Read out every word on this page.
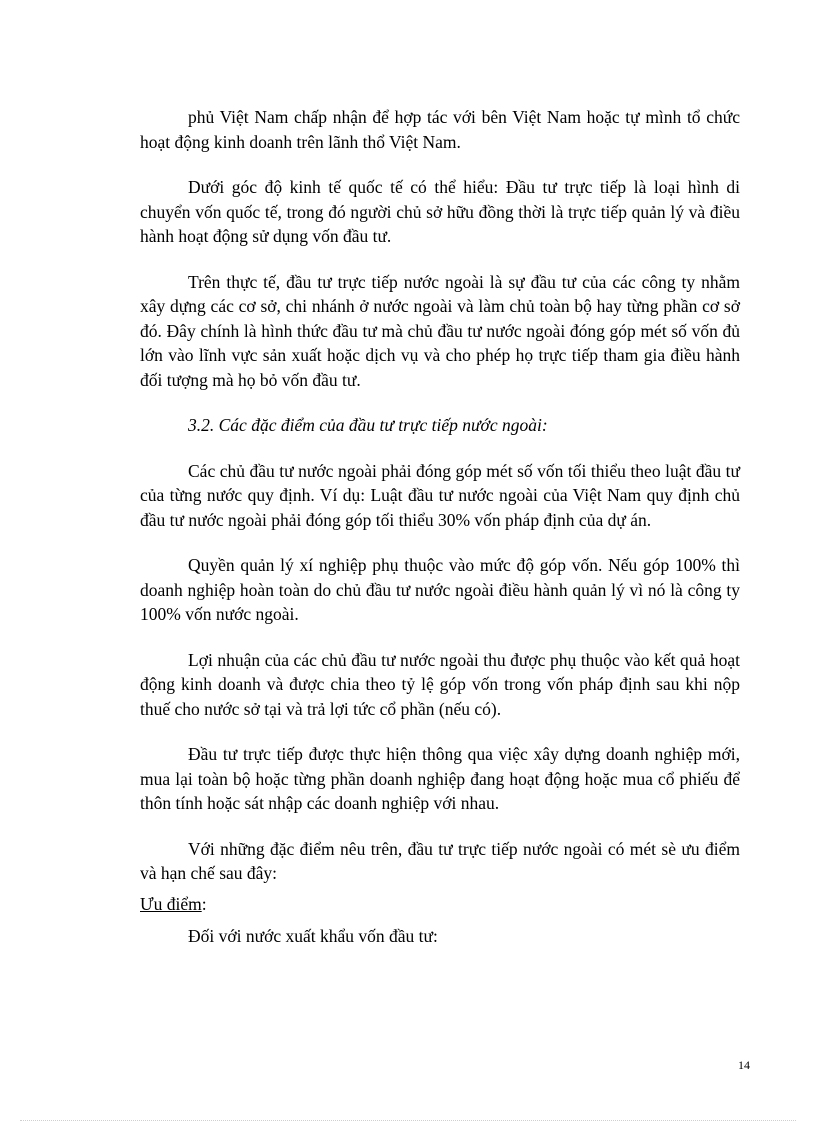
phủ Việt Nam chấp nhận để hợp tác với bên Việt Nam hoặc tự mình tổ chức hoạt động kinh doanh trên lãnh thổ Việt Nam.

Dưới góc độ kinh tế quốc tế có thể hiểu: Đầu tư trực tiếp là loại hình di chuyển vốn quốc tế, trong đó người chủ sở hữu đồng thời là trực tiếp quản lý và điều hành hoạt động sử dụng vốn đầu tư.

Trên thực tế, đầu tư trực tiếp nước ngoài là sự đầu tư của các công ty nhằm xây dựng các cơ sở, chi nhánh ở nước ngoài và làm chủ toàn bộ hay từng phần cơ sở đó. Đây chính là hình thức đầu tư mà chủ đầu tư nước ngoài đóng góp mét số vốn đủ lớn vào lĩnh vực sản xuất hoặc dịch vụ và cho phép họ trực tiếp tham gia điều hành đối tượng mà họ bỏ vốn đầu tư.

3.2. Các đặc điểm của đầu tư trực tiếp nước ngoài:

Các chủ đầu tư nước ngoài phải đóng góp mét số vốn tối thiểu theo luật đầu tư của từng nước quy định. Ví dụ: Luật đầu tư nước ngoài của Việt Nam quy định chủ đầu tư nước ngoài phải đóng góp tối thiểu 30% vốn pháp định của dự án.

Quyền quản lý xí nghiệp phụ thuộc vào mức độ góp vốn. Nếu góp 100% thì doanh nghiệp hoàn toàn do chủ đầu tư nước ngoài điều hành quản lý vì nó là công ty 100% vốn nước ngoài.

Lợi nhuận của các chủ đầu tư nước ngoài thu được phụ thuộc vào kết quả hoạt động kinh doanh và được chia theo tỷ lệ góp vốn trong vốn pháp định sau khi nộp thuế cho nước sở tại và trả lợi tức cổ phần (nếu có).

Đầu tư trực tiếp được thực hiện thông qua việc xây dựng doanh nghiệp mới, mua lại toàn bộ hoặc từng phần doanh nghiệp đang hoạt động hoặc mua cổ phiếu để thôn tính hoặc sát nhập các doanh nghiệp với nhau.

Với những đặc điểm nêu trên, đầu tư trực tiếp nước ngoài có mét sè ưu điểm và hạn chế sau đây:

Ưu điểm:

Đối với nước xuất khẩu vốn đầu tư:

14
